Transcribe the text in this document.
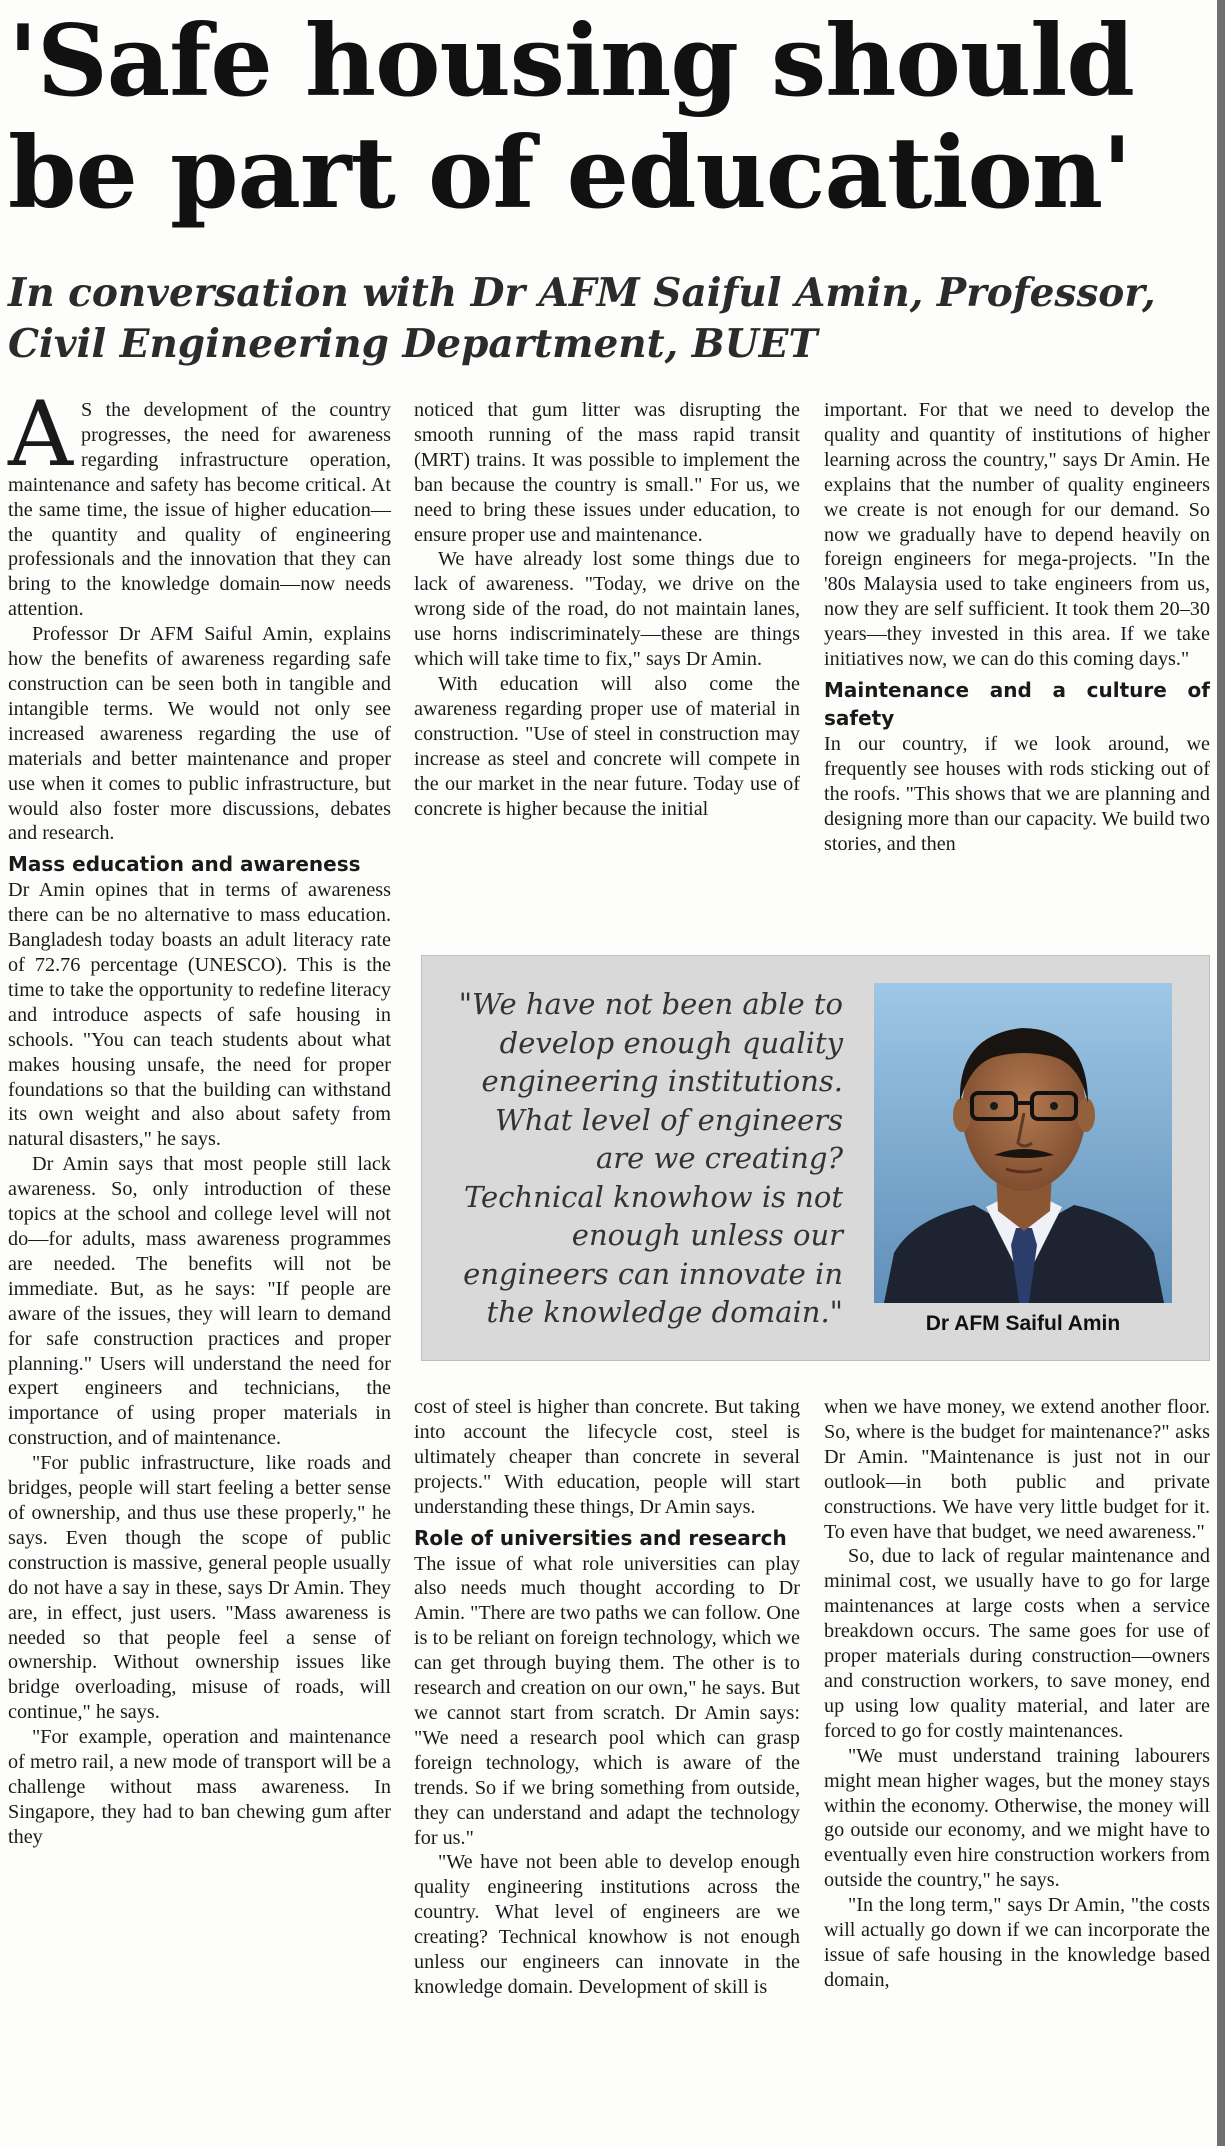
'Safe housing should be part of education'
In conversation with Dr AFM Saiful Amin, Professor, Civil Engineering Department, BUET

A S the development of the country progresses, the need for awareness regarding infrastructure operation, maintenance and safety has become critical. At the same time, the issue of higher education—the quantity and quality of engineering professionals and the innovation that they can bring to the knowledge domain—now needs attention.

Professor Dr AFM Saiful Amin, explains how the benefits of awareness regarding safe construction can be seen both in tangible and intangible terms. We would not only see increased awareness regarding the use of materials and better maintenance and proper use when it comes to public infrastructure, but would also foster more discussions, debates and research.

Mass education and awareness

Dr Amin opines that in terms of awareness there can be no alternative to mass education. Bangladesh today boasts an adult literacy rate of 72.76 percentage (UNESCO). This is the time to take the opportunity to redefine literacy and introduce aspects of safe housing in schools. "You can teach students about what makes housing unsafe, the need for proper foundations so that the building can withstand its own weight and also about safety from natural disasters," he says.

Dr Amin says that most people still lack awareness. So, only introduction of these topics at the school and college level will not do—for adults, mass awareness programmes are needed. The benefits will not be immediate. But, as he says: "If people are aware of the issues, they will learn to demand for safe construction practices and proper planning." Users will understand the need for expert engineers and technicians, the importance of using proper materials in construction, and of maintenance.

"For public infrastructure, like roads and bridges, people will start feeling a better sense of ownership, and thus use these properly," he says. Even though the scope of public construction is massive, general people usually do not have a say in these, says Dr Amin. They are, in effect, just users. "Mass awareness is needed so that people feel a sense of ownership. Without ownership issues like bridge overloading, misuse of roads, will continue," he says.

"For example, operation and maintenance of metro rail, a new mode of transport will be a challenge without mass awareness. In Singapore, they had to ban chewing gum after they

noticed that gum litter was disrupting the smooth running of the mass rapid transit (MRT) trains. It was possible to implement the ban because the country is small." For us, we need to bring these issues under education, to ensure proper use and maintenance.

We have already lost some things due to lack of awareness. "Today, we drive on the wrong side of the road, do not maintain lanes, use horns indiscriminately—these are things which will take time to fix," says Dr Amin.

With education will also come the awareness regarding proper use of material in construction. "Use of steel in construction may increase as steel and concrete will compete in the our market in the near future. Today use of concrete is higher because the initial

important. For that we need to develop the quality and quantity of institutions of higher learning across the country," says Dr Amin. He explains that the number of quality engineers we create is not enough for our demand. So now we gradually have to depend heavily on foreign engineers for mega-projects. "In the '80s Malaysia used to take engineers from us, now they are self sufficient. It took them 20–30 years—they invested in this area. If we take initiatives now, we can do this coming days."

Maintenance and a culture of safety

In our country, if we look around, we frequently see houses with rods sticking out of the roofs. "This shows that we are planning and designing more than our capacity. We build two stories, and then

"We have not been able to develop enough quality engineering institutions. What level of engineers are we creating? Technical knowhow is not enough unless our engineers can innovate in the knowledge domain."	Dr AFM Saiful Amin

cost of steel is higher than concrete. But taking into account the lifecycle cost, steel is ultimately cheaper than concrete in several projects." With education, people will start understanding these things, Dr Amin says.

Role of universities and research

The issue of what role universities can play also needs much thought according to Dr Amin. "There are two paths we can follow. One is to be reliant on foreign technology, which we can get through buying them. The other is to research and creation on our own," he says. But we cannot start from scratch. Dr Amin says: "We need a research pool which can grasp foreign technology, which is aware of the trends. So if we bring something from outside, they can understand and adapt the technology for us."

"We have not been able to develop enough quality engineering institutions across the country. What level of engineers are we creating? Technical knowhow is not enough unless our engineers can innovate in the knowledge domain. Development of skill is

when we have money, we extend another floor. So, where is the budget for maintenance?" asks Dr Amin. "Maintenance is just not in our outlook—in both public and private constructions. We have very little budget for it. To even have that budget, we need awareness."

So, due to lack of regular maintenance and minimal cost, we usually have to go for large maintenances at large costs when a service breakdown occurs. The same goes for use of proper materials during construction—owners and construction workers, to save money, end up using low quality material, and later are forced to go for costly maintenances.

"We must understand training labourers might mean higher wages, but the money stays within the economy. Otherwise, the money will go outside our economy, and we might have to eventually even hire construction workers from outside the country," he says.

"In the long term," says Dr Amin, "the costs will actually go down if we can incorporate the issue of safe housing in the knowledge based domain,
